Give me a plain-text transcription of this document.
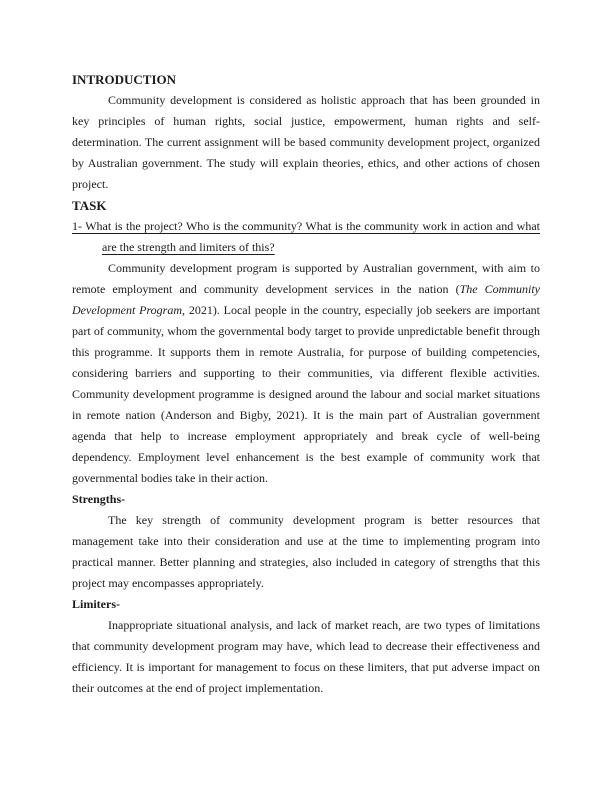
INTRODUCTION

Community development is considered as holistic approach that has been grounded in key principles of human rights, social justice, empowerment, human rights and self-determination. The current assignment will be based community development project, organized by Australian government. The study will explain theories, ethics, and other actions of chosen project.

TASK

1- What is the project? Who is the community? What is the community work in action and what are the strength and limiters of this?

Community development program is supported by Australian government, with aim to remote employment and community development services in the nation (The Community Development Program, 2021). Local people in the country, especially job seekers are important part of community, whom the governmental body target to provide unpredictable benefit through this programme. It supports them in remote Australia, for purpose of building competencies, considering barriers and supporting to their communities, via different flexible activities. Community development programme is designed around the labour and social market situations in remote nation (Anderson and Bigby, 2021). It is the main part of Australian government agenda that help to increase employment appropriately and break cycle of well-being dependency. Employment level enhancement is the best example of community work that governmental bodies take in their action.

Strengths-

The key strength of community development program is better resources that management take into their consideration and use at the time to implementing program into practical manner. Better planning and strategies, also included in category of strengths that this project may encompasses appropriately.

Limiters-

Inappropriate situational analysis, and lack of market reach, are two types of limitations that community development program may have, which lead to decrease their effectiveness and efficiency. It is important for management to focus on these limiters, that put adverse impact on their outcomes at the end of project implementation.
